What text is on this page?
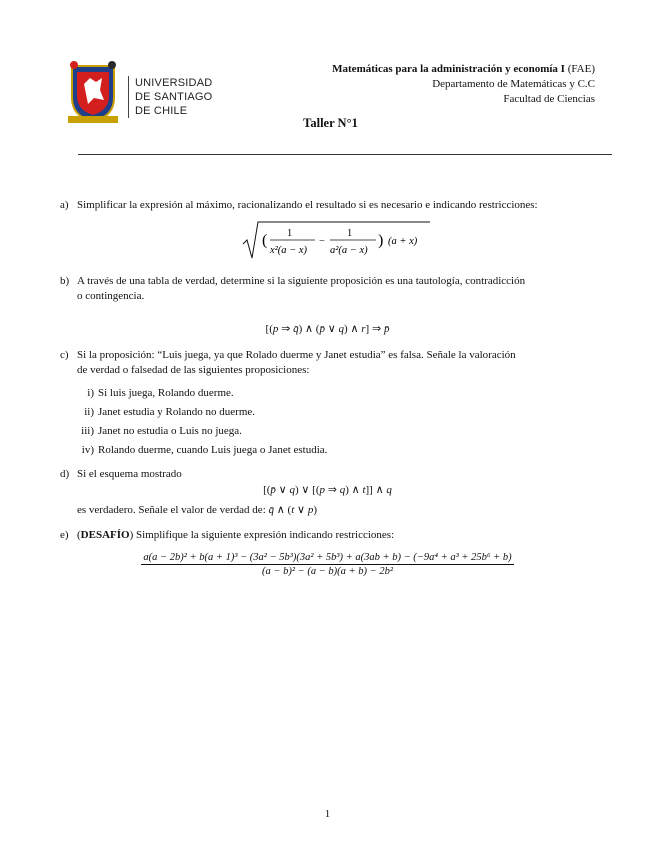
UNIVERSIDAD
DE SANTIAGO
DE CHILE
Matemáticas para la administración y economía I (FAE)
Departamento de Matemáticas y C.C
Facultad de Ciencias
Taller N°1
a) Simplificar la expresión al máximo, racionalizando el resultado si es necesario e indicando restricciones:
( 1
x²(a − x)
−
1
a²(a − x)
) (a + x)
b) A través de una tabla de verdad, determine si la siguiente proposición es una tautología, contradicción
o contingencia.
[(p ⇒ q̄) ∧ (p̄ ∨ q) ∧ r] ⇒ p̄
c) Si la proposición: “Luis juega, ya que Rolado duerme y Janet estudia” es falsa. Señale la valoración
de verdad o falsedad de las siguientes proposiciones:
i) Si luis juega, Rolando duerme.
ii) Janet estudia y Rolando no duerme.
iii) Janet no estudia o Luis no juega.
iv) Rolando duerme, cuando Luis juega o Janet estudia.
d) Si el esquema mostrado
[(p̄ ∨ q) ∨ [(p ⇒ q) ∧ t]] ∧ q
es verdadero. Señale el valor de verdad de: q̄ ∧ (t ∨ p)
e) (DESAFÍO) Simplifique la siguiente expresión indicando restricciones:
a(a − 2b)² + b(a + 1)³ − (3a² − 5b³)(3a² + 5b³) + a(3ab + b) − (−9a⁴ + a³ + 25b⁶ + b)
(a − b)² − (a − b)(a + b) − 2b²
1
